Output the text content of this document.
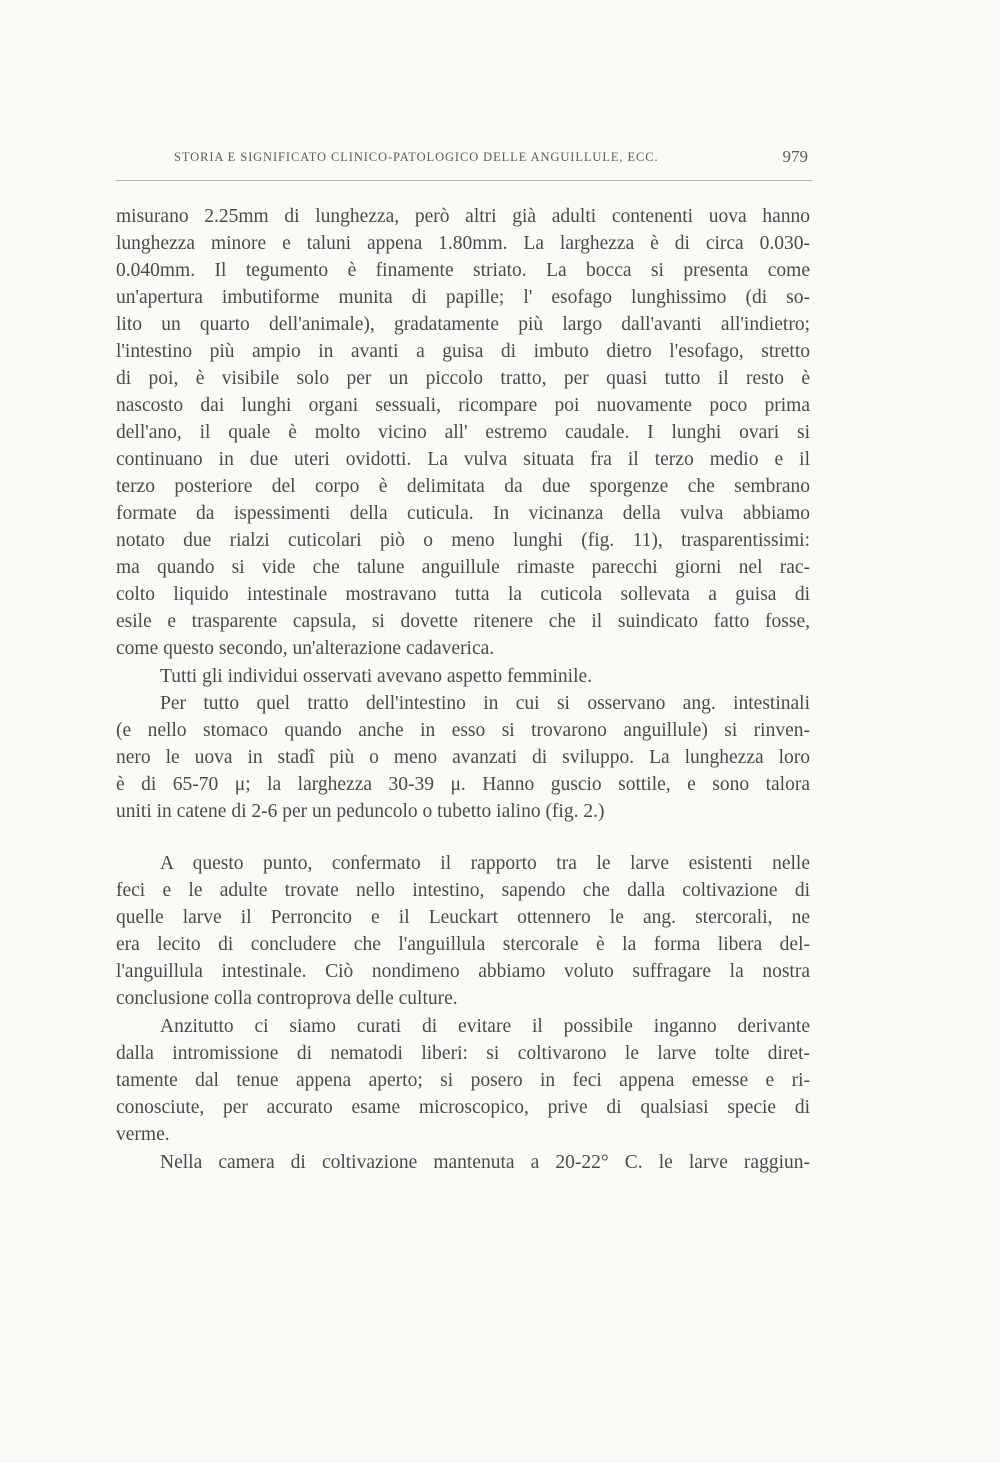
STORIA E SIGNIFICATO CLINICO-PATOLOGICO DELLE ANGUILLULE, ECC.	979
misurano 2.25mm di lunghezza, però altri già adulti contenenti uova hanno
lunghezza minore e taluni appena 1.80mm. La larghezza è di circa 0.030-
0.040mm. Il tegumento è finamente striato. La bocca si presenta come
un'apertura imbutiforme munita di papille; l' esofago lunghissimo (di so-
lito un quarto dell'animale), gradatamente più largo dall'avanti all'indietro;
l'intestino più ampio in avanti a guisa di imbuto dietro l'esofago, stretto
di poi, è visibile solo per un piccolo tratto, per quasi tutto il resto è
nascosto dai lunghi organi sessuali, ricompare poi nuovamente poco prima
dell'ano, il quale è molto vicino all' estremo caudale. I lunghi ovari si
continuano in due uteri ovidotti. La vulva situata fra il terzo medio e il
terzo posteriore del corpo è delimitata da due sporgenze che sembrano
formate da ispessimenti della cuticula. In vicinanza della vulva abbiamo
notato due rialzi cuticolari piò o meno lunghi (fig. 11), trasparentissimi:
ma quando si vide che talune anguillule rimaste parecchi giorni nel rac-
colto liquido intestinale mostravano tutta la cuticola sollevata a guisa di
esile e trasparente capsula, si dovette ritenere che il suindicato fatto fosse,
come questo secondo, un'alterazione cadaverica.
Tutti gli individui osservati avevano aspetto femminile.
Per tutto quel tratto dell'intestino in cui si osservano ang. intestinali
(e nello stomaco quando anche in esso si trovarono anguillule) si rinven-
nero le uova in stadî più o meno avanzati di sviluppo. La lunghezza loro
è di 65-70 μ; la larghezza 30-39 μ. Hanno guscio sottile, e sono talora
uniti in catene di 2-6 per un peduncolo o tubetto ialino (fig. 2.)
A questo punto, confermato il rapporto tra le larve esistenti nelle
feci e le adulte trovate nello intestino, sapendo che dalla coltivazione di
quelle larve il Perroncito e il Leuckart ottennero le ang. stercorali, ne
era lecito di concludere che l'anguillula stercorale è la forma libera del-
l'anguillula intestinale. Ciò nondimeno abbiamo voluto suffragare la nostra
conclusione colla controprova delle culture.
Anzitutto ci siamo curati di evitare il possibile inganno derivante
dalla intromissione di nematodi liberi: si coltivarono le larve tolte diret-
tamente dal tenue appena aperto; si posero in feci appena emesse e ri-
conosciute, per accurato esame microscopico, prive di qualsiasi specie di
verme.
Nella camera di coltivazione mantenuta a 20-22° C. le larve raggiun-
